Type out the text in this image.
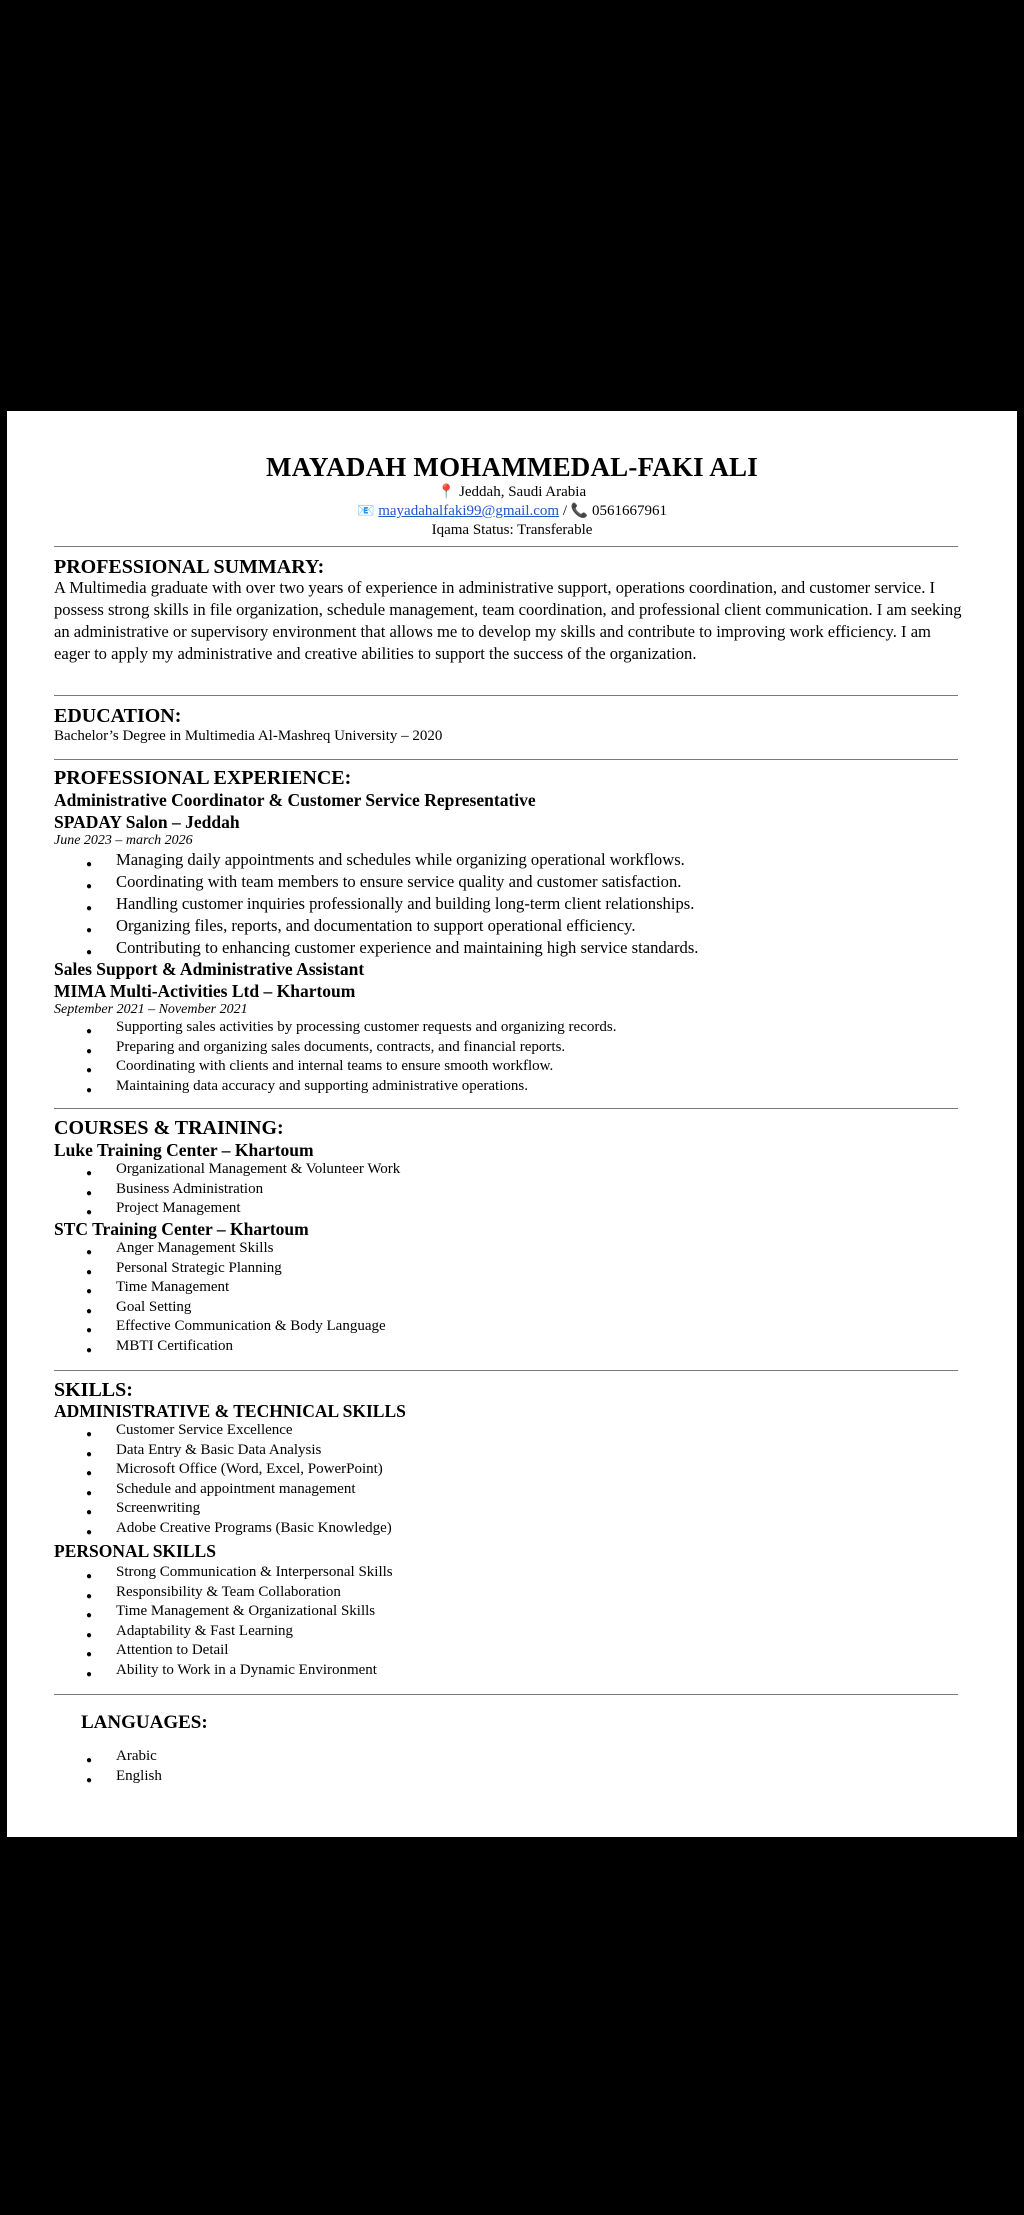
MAYADAH MOHAMMEDAL-FAKI ALI
📍 Jeddah, Saudi Arabia
📧 mayadahalfaki99@gmail.com / 📞 0561667961
Iqama Status: Transferable
PROFESSIONAL SUMMARY:
A Multimedia graduate with over two years of experience in administrative support, operations coordination, and customer service. I possess strong skills in file organization, schedule management, team coordination, and professional client communication. I am seeking an administrative or supervisory environment that allows me to develop my skills and contribute to improving work efficiency. I am eager to apply my administrative and creative abilities to support the success of the organization.
EDUCATION:
Bachelor’s Degree in Multimedia Al-Mashreq University – 2020
PROFESSIONAL EXPERIENCE:
Administrative Coordinator & Customer Service Representative
SPADAY Salon – Jeddah
June 2023 – march 2026
● Managing daily appointments and schedules while organizing operational workflows.
● Coordinating with team members to ensure service quality and customer satisfaction.
● Handling customer inquiries professionally and building long-term client relationships.
● Organizing files, reports, and documentation to support operational efficiency.
● Contributing to enhancing customer experience and maintaining high service standards.
Sales Support & Administrative Assistant
MIMA Multi-Activities Ltd – Khartoum
September 2021 – November 2021
● Supporting sales activities by processing customer requests and organizing records.
● Preparing and organizing sales documents, contracts, and financial reports.
● Coordinating with clients and internal teams to ensure smooth workflow.
● Maintaining data accuracy and supporting administrative operations.
COURSES & TRAINING:
Luke Training Center – Khartoum
● Organizational Management & Volunteer Work
● Business Administration
● Project Management
STC Training Center – Khartoum
● Anger Management Skills
● Personal Strategic Planning
● Time Management
● Goal Setting
● Effective Communication & Body Language
● MBTI Certification
SKILLS:
ADMINISTRATIVE & TECHNICAL SKILLS
● Customer Service Excellence
● Data Entry & Basic Data Analysis
● Microsoft Office (Word, Excel, PowerPoint)
● Schedule and appointment management
● Screenwriting
● Adobe Creative Programs (Basic Knowledge)
PERSONAL SKILLS
● Strong Communication & Interpersonal Skills
● Responsibility & Team Collaboration
● Time Management & Organizational Skills
● Adaptability & Fast Learning
● Attention to Detail
● Ability to Work in a Dynamic Environment
LANGUAGES:
● Arabic
● English
